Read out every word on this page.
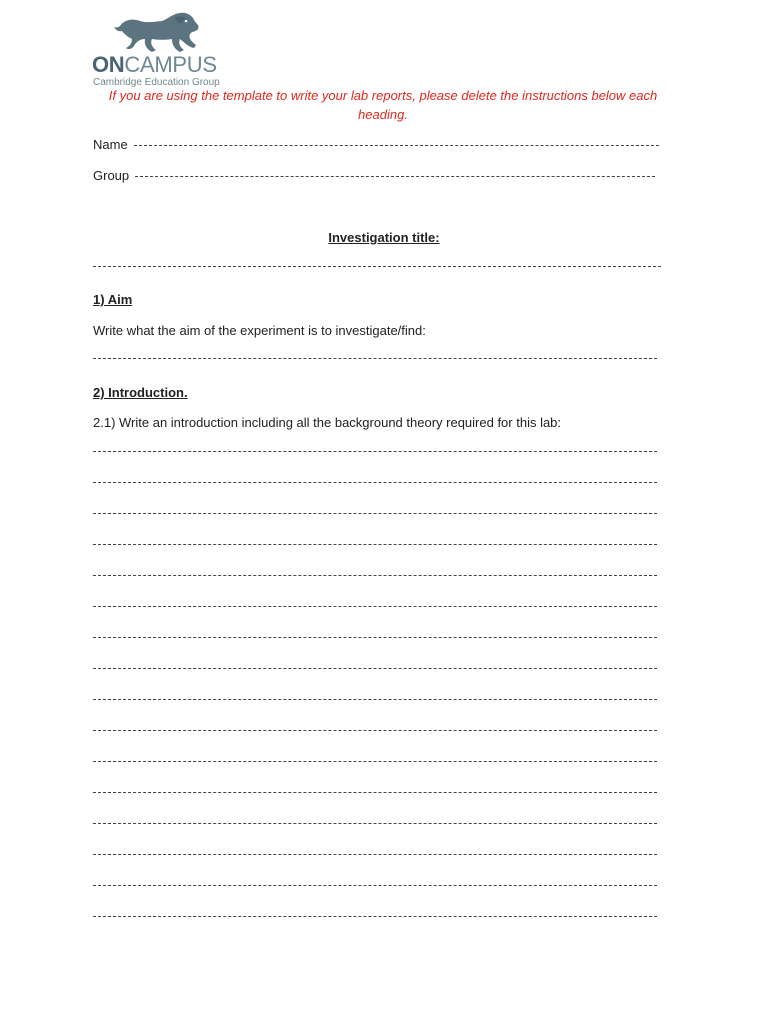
ONCAMPUS
Cambridge Education Group
If you are using the template to write your lab reports, please delete the instructions below each heading.
Name
Group
Investigation title:
1) Aim
Write what the aim of the experiment is to investigate/find:
2) Introduction.
2.1) Write an introduction including all the background theory required for this lab:
